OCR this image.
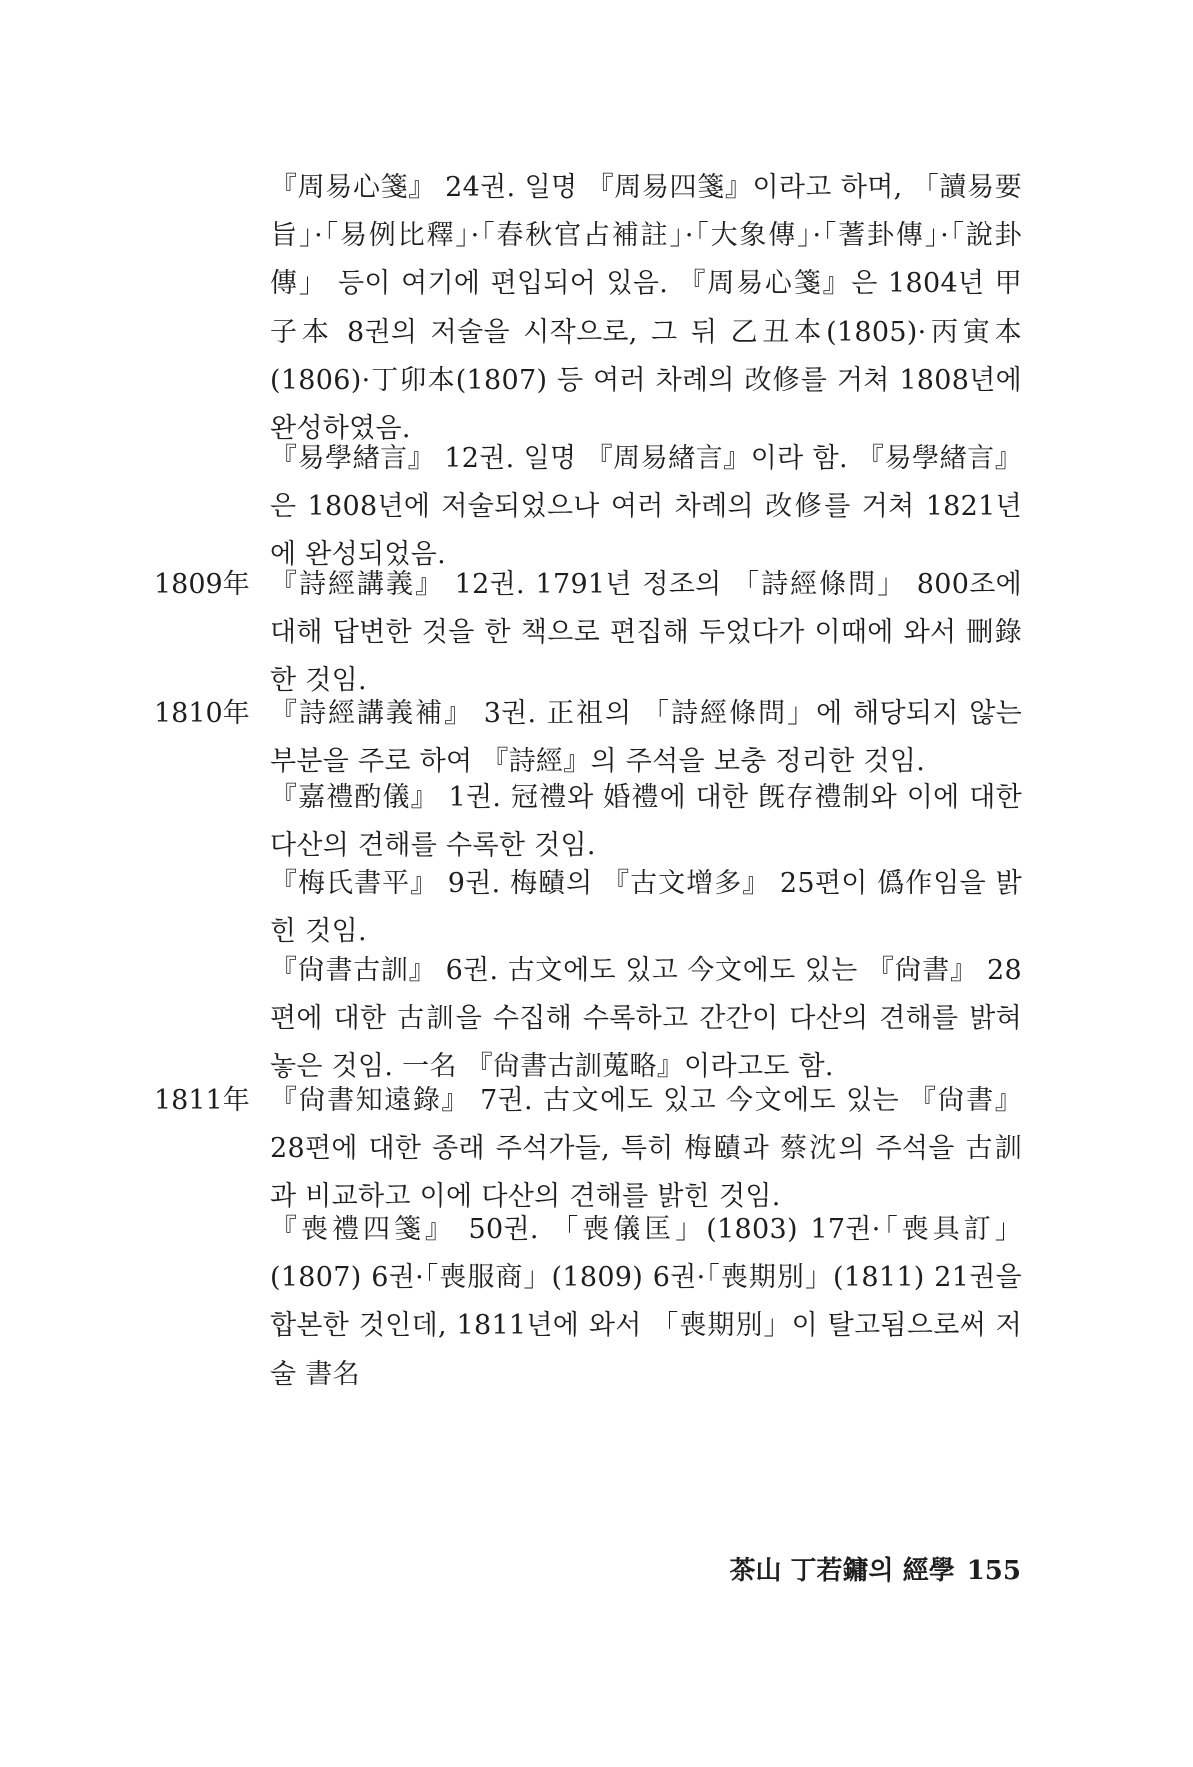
『周易心箋』 24권. 일명 『周易四箋』이라고 하며, 「讀易要旨」·「易例比釋」·「春秋官占補註」·「大象傳」·「蓍卦傳」·「說卦傳」 등이 여기에 편입되어 있음. 『周易心箋』은 1804년 甲子本 8권의 저술을 시작으로, 그 뒤 乙丑本(1805)·丙寅本(1806)·丁卯本(1807) 등 여러 차례의 改修를 거쳐 1808년에 완성하였음.
『易學緖言』 12권. 일명 『周易緖言』이라 함. 『易學緖言』은 1808년에 저술되었으나 여러 차례의 改修를 거쳐 1821년에 완성되었음.
1809年 『詩經講義』 12권. 1791년 정조의 「詩經條問」 800조에 대해 답변한 것을 한 책으로 편집해 두었다가 이때에 와서 刪錄한 것임.
1810年 『詩經講義補』 3권. 正祖의 「詩經條問」에 해당되지 않는 부분을 주로 하여 『詩經』의 주석을 보충 정리한 것임.
『嘉禮酌儀』 1권. 冠禮와 婚禮에 대한 旣存禮制와 이에 대한 다산의 견해를 수록한 것임.
『梅氏書平』 9권. 梅賾의 『古文增多』 25편이 僞作임을 밝힌 것임.
『尙書古訓』 6권. 古文에도 있고 今文에도 있는 『尙書』 28편에 대한 古訓을 수집해 수록하고 간간이 다산의 견해를 밝혀 놓은 것임. 一名 『尙書古訓蒐略』이라고도 함.
1811年 『尙書知遠錄』 7권. 古文에도 있고 今文에도 있는 『尙書』 28편에 대한 종래 주석가들, 특히 梅賾과 蔡沈의 주석을 古訓과 비교하고 이에 다산의 견해를 밝힌 것임.
『喪禮四箋』 50권. 「喪儀匡」(1803) 17권·「喪具訂」(1807) 6권·「喪服商」(1809) 6권·「喪期別」(1811) 21권을 합본한 것인데, 1811년에 와서 「喪期別」이 탈고됨으로써 저술 書名
茶山 丁若鏞의 經學 155
